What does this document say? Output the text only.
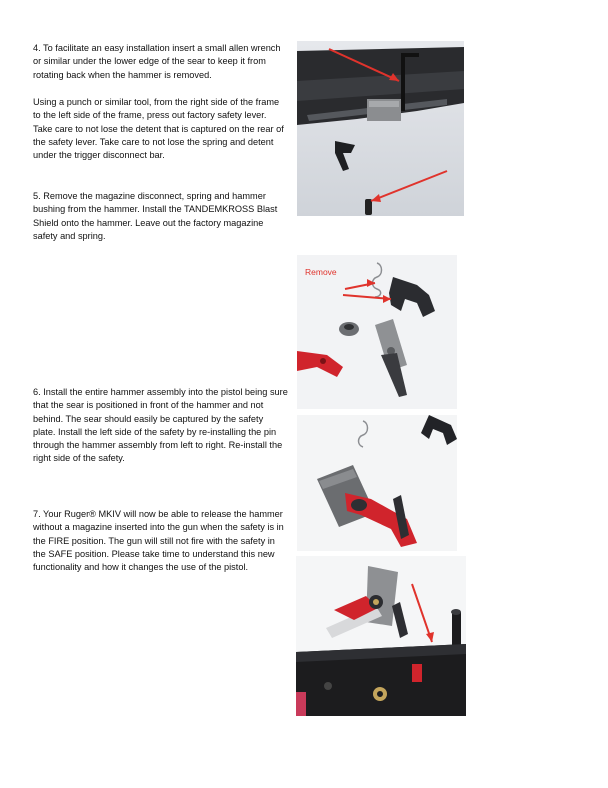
4. To facilitate an easy installation insert a small allen wrench or similar under the lower edge of the sear to keep it from rotating back when the hammer is removed.

Using a punch or similar tool, from the right side of the frame to the left side of the frame, press out factory safety lever. Take care to not lose the detent that is captured on the rear of the safety lever. Take care to not lose the spring and detent under the trigger disconnect bar.

5. Remove the magazine disconnect, spring and hammer bushing from the hammer. Install the TANDEMKROSS Blast Shield onto the hammer. Leave out the factory magazine safety and spring.

6. Install the entire hammer assembly into the pistol being sure that the sear is positioned in front of the hammer and not behind. The sear should easily be captured by the safety plate. Install the left side of the safety by re-installing the pin through the hammer assembly from left to right. Re-install the right side of the safety.

7. Your Ruger® MKIV will now be able to release the hammer without a magazine inserted into the gun when the safety is in the FIRE position. The gun will still not fire with the safety in the SAFE position. Please take time to understand this new functionality and how it changes the use of the pistol.

Remove
